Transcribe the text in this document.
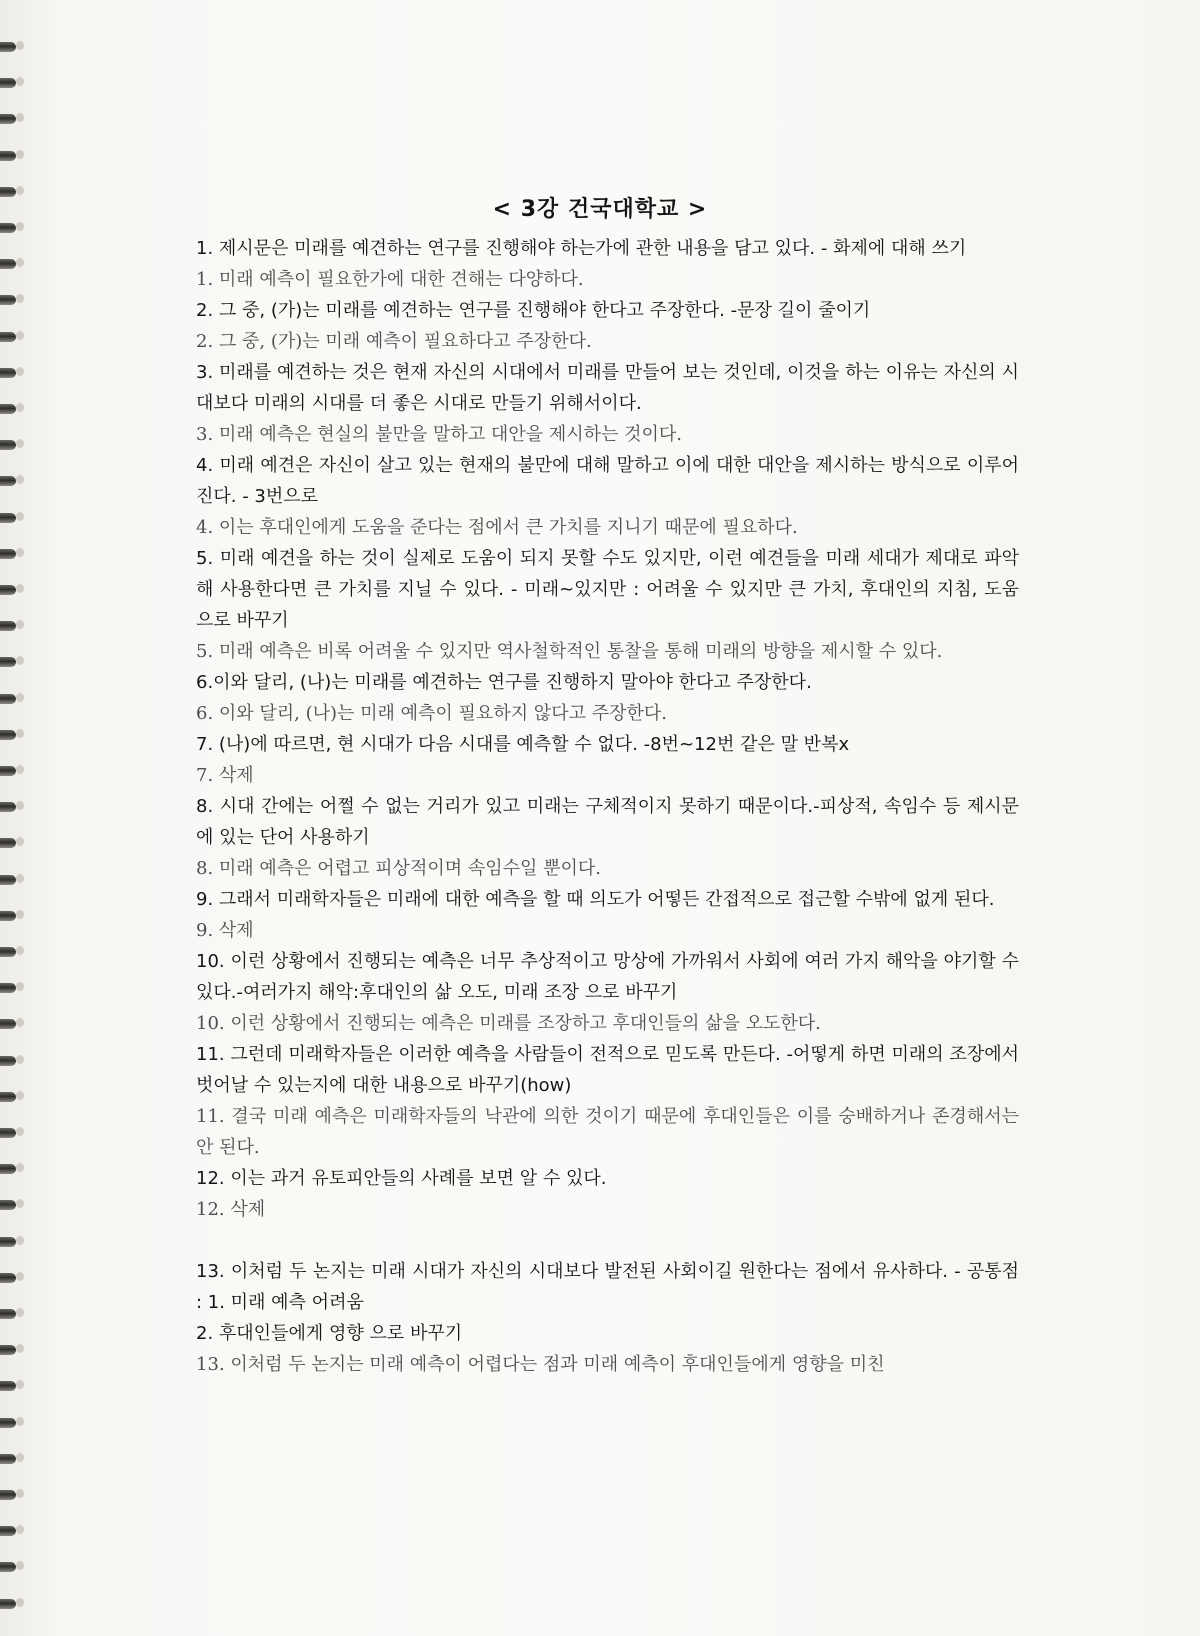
< 3강 건국대학교 >

1. 제시문은 미래를 예견하는 연구를 진행해야 하는가에 관한 내용을 담고 있다. - 화제에 대해 쓰기

1. 미래 예측이 필요한가에 대한 견해는 다양하다.

2. 그 중, (가)는 미래를 예견하는 연구를 진행해야 한다고 주장한다. -문장 길이 줄이기

2. 그 중, (가)는 미래 예측이 필요하다고 주장한다.

3. 미래를 예견하는 것은 현재 자신의 시대에서 미래를 만들어 보는 것인데, 이것을 하는 이유는 자신의 시대보다 미래의 시대를 더 좋은 시대로 만들기 위해서이다.

3. 미래 예측은 현실의 불만을 말하고 대안을 제시하는 것이다.

4. 미래 예견은 자신이 살고 있는 현재의 불만에 대해 말하고 이에 대한 대안을 제시하는 방식으로 이루어진다. - 3번으로

4. 이는 후대인에게 도움을 준다는 점에서 큰 가치를 지니기 때문에 필요하다.

5. 미래 예견을 하는 것이 실제로 도움이 되지 못할 수도 있지만, 이런 예견들을 미래 세대가 제대로 파악해 사용한다면 큰 가치를 지닐 수 있다. - 미래~있지만 : 어려울 수 있지만 큰 가치, 후대인의 지침, 도움 으로 바꾸기

5. 미래 예측은 비록 어려울 수 있지만 역사철학적인 통찰을 통해 미래의 방향을 제시할 수 있다.

6.이와 달리, (나)는 미래를 예견하는 연구를 진행하지 말아야 한다고 주장한다.

6. 이와 달리, (나)는 미래 예측이 필요하지 않다고 주장한다.

7. (나)에 따르면, 현 시대가 다음 시대를 예측할 수 없다. -8번~12번 같은 말 반복x

7. 삭제

8. 시대 간에는 어쩔 수 없는 거리가 있고 미래는 구체적이지 못하기 때문이다.-피상적, 속임수 등 제시문에 있는 단어 사용하기

8. 미래 예측은 어렵고 피상적이며 속임수일 뿐이다.

9. 그래서 미래학자들은 미래에 대한 예측을 할 때 의도가 어떻든 간접적으로 접근할 수밖에 없게 된다.

9. 삭제

10. 이런 상황에서 진행되는 예측은 너무 추상적이고 망상에 가까워서 사회에 여러 가지 해악을 야기할 수 있다.-여러가지 해악:후대인의 삶 오도, 미래 조장 으로 바꾸기

10. 이런 상황에서 진행되는 예측은 미래를 조장하고 후대인들의 삶을 오도한다.

11. 그런데 미래학자들은 이러한 예측을 사람들이 전적으로 믿도록 만든다. -어떻게 하면 미래의 조장에서 벗어날 수 있는지에 대한 내용으로 바꾸기(how)

11. 결국 미래 예측은 미래학자들의 낙관에 의한 것이기 때문에 후대인들은 이를 숭배하거나 존경해서는 안 된다.

12. 이는 과거 유토피안들의 사례를 보면 알 수 있다.

12. 삭제

13. 이처럼 두 논지는 미래 시대가 자신의 시대보다 발전된 사회이길 원한다는 점에서 유사하다. - 공통점 : 1. 미래 예측 어려움

2. 후대인들에게 영향 으로 바꾸기

13. 이처럼 두 논지는 미래 예측이 어렵다는 점과 미래 예측이 후대인들에게 영향을 미친
